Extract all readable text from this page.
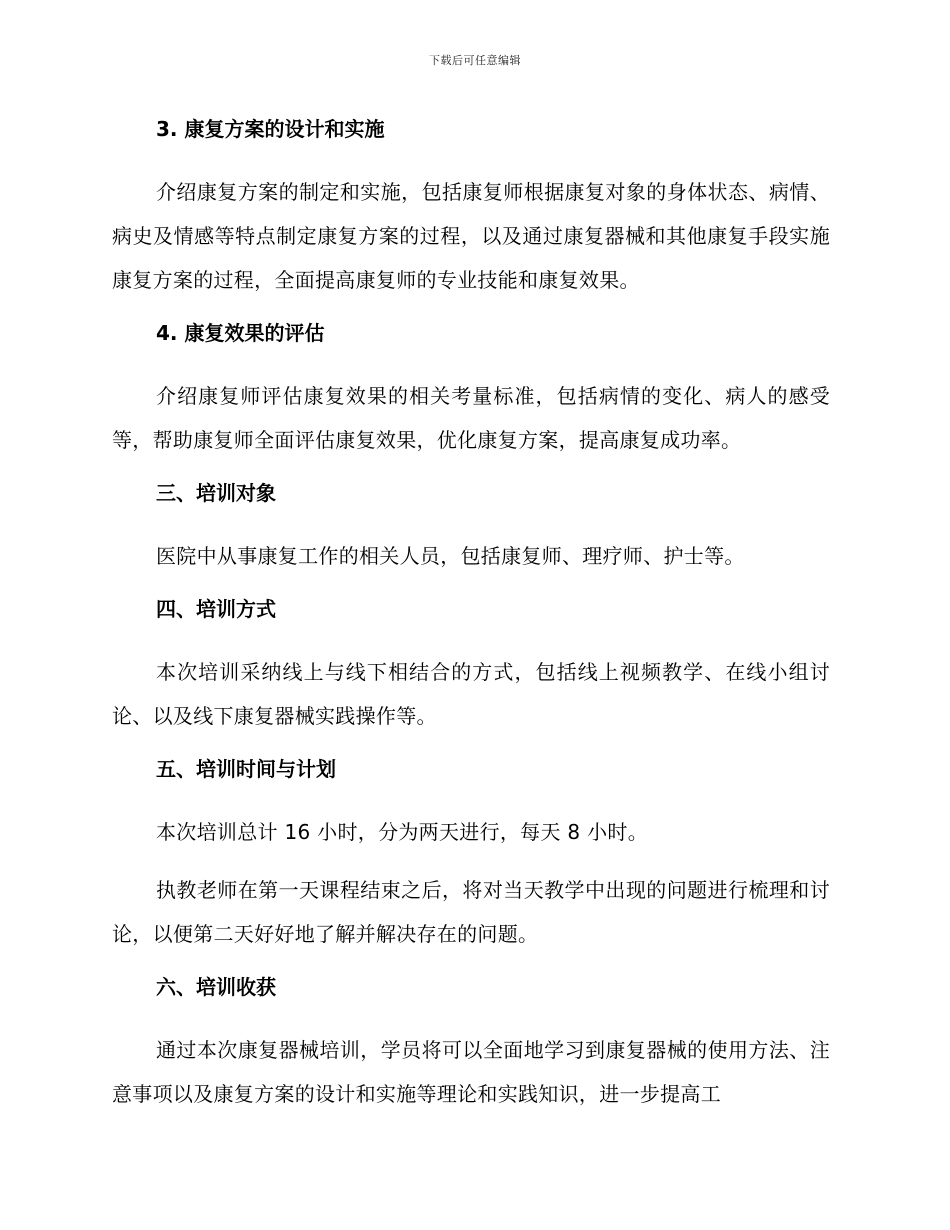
下载后可任意编辑
3. 康复方案的设计和实施

介绍康复方案的制定和实施，包括康复师根据康复对象的身体状态、病情、病史及情感等特点制定康复方案的过程，以及通过康复器械和其他康复手段实施康复方案的过程，全面提高康复师的专业技能和康复效果。

4. 康复效果的评估

介绍康复师评估康复效果的相关考量标准，包括病情的变化、病人的感受等，帮助康复师全面评估康复效果，优化康复方案，提高康复成功率。

三、培训对象

医院中从事康复工作的相关人员，包括康复师、理疗师、护士等。

四、培训方式

本次培训采纳线上与线下相结合的方式，包括线上视频教学、在线小组讨论、以及线下康复器械实践操作等。

五、培训时间与计划

本次培训总计 16 小时，分为两天进行，每天 8 小时。

执教老师在第一天课程结束之后，将对当天教学中出现的问题进行梳理和讨论，以便第二天好好地了解并解决存在的问题。

六、培训收获

通过本次康复器械培训，学员将可以全面地学习到康复器械的使用方法、注意事项以及康复方案的设计和实施等理论和实践知识，进一步提高工
